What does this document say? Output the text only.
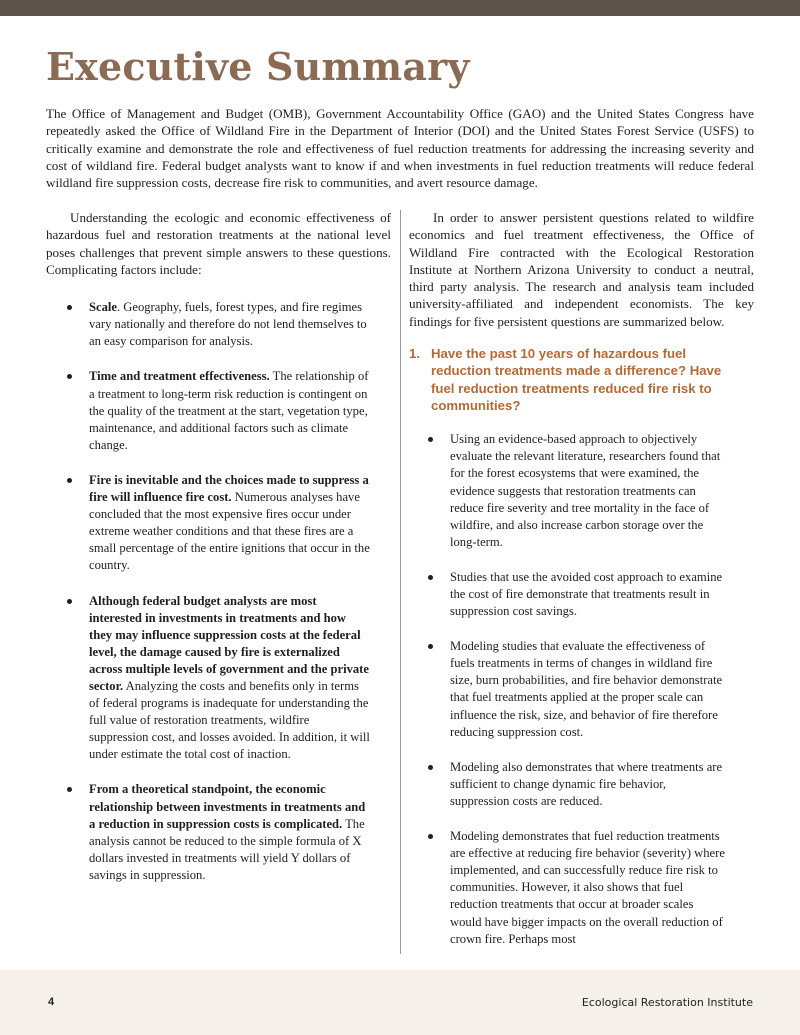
Executive Summary

The Office of Management and Budget (OMB), Government Accountability Office (GAO) and the United States Congress have repeatedly asked the Office of Wildland Fire in the Department of Interior (DOI) and the United States Forest Service (USFS) to critically examine and demonstrate the role and effectiveness of fuel reduction treatments for addressing the increasing severity and cost of wildland fire. Federal budget analysts want to know if and when investments in fuel reduction treatments will reduce federal wildland fire suppression costs, decrease fire risk to communities, and avert resource damage.

Understanding the ecologic and economic effectiveness of hazardous fuel and restoration treatments at the national level poses challenges that prevent simple answers to these questions. Complicating factors include:

Scale. Geography, fuels, forest types, and fire regimes vary nationally and therefore do not lend themselves to an easy comparison for analysis.
Time and treatment effectiveness. The relationship of a treatment to long-term risk reduction is contingent on the quality of the treatment at the start, vegetation type, maintenance, and additional factors such as climate change.
Fire is inevitable and the choices made to suppress a fire will influence fire cost. Numerous analyses have concluded that the most expensive fires occur under extreme weather conditions and that these fires are a small percentage of the entire ignitions that occur in the country.
Although federal budget analysts are most interested in investments in treatments and how they may influence suppression costs at the federal level, the damage caused by fire is externalized across multiple levels of government and the private sector. Analyzing the costs and benefits only in terms of federal programs is inadequate for understanding the full value of restoration treatments, wildfire suppression cost, and losses avoided. In addition, it will under estimate the total cost of inaction.
From a theoretical standpoint, the economic relationship between investments in treatments and a reduction in suppression costs is complicated. The analysis cannot be reduced to the simple formula of X dollars invested in treatments will yield Y dollars of savings in suppression.

In order to answer persistent questions related to wildfire economics and fuel treatment effectiveness, the Office of Wildland Fire contracted with the Ecological Restoration Institute at Northern Arizona University to conduct a neutral, third party analysis. The research and analysis team included university-affiliated and independent economists. The key findings for five persistent questions are summarized below.

1. Have the past 10 years of hazardous fuel reduction treatments made a difference? Have fuel reduction treatments reduced fire risk to communities?
Using an evidence-based approach to objectively evaluate the relevant literature, researchers found that for the forest ecosystems that were examined, the evidence suggests that restoration treatments can reduce fire severity and tree mortality in the face of wildfire, and also increase carbon storage over the long-term.
Studies that use the avoided cost approach to examine the cost of fire demonstrate that treatments result in suppression cost savings.
Modeling studies that evaluate the effectiveness of fuels treatments in terms of changes in wildland fire size, burn probabilities, and fire behavior demonstrate that fuel treatments applied at the proper scale can influence the risk, size, and behavior of fire therefore reducing suppression cost.
Modeling also demonstrates that where treatments are sufficient to change dynamic fire behavior, suppression costs are reduced.
Modeling demonstrates that fuel reduction treatments are effective at reducing fire behavior (severity) where implemented, and can successfully reduce fire risk to communities. However, it also shows that fuel reduction treatments that occur at broader scales would have bigger impacts on the overall reduction of crown fire. Perhaps most
4	Ecological Restoration Institute
